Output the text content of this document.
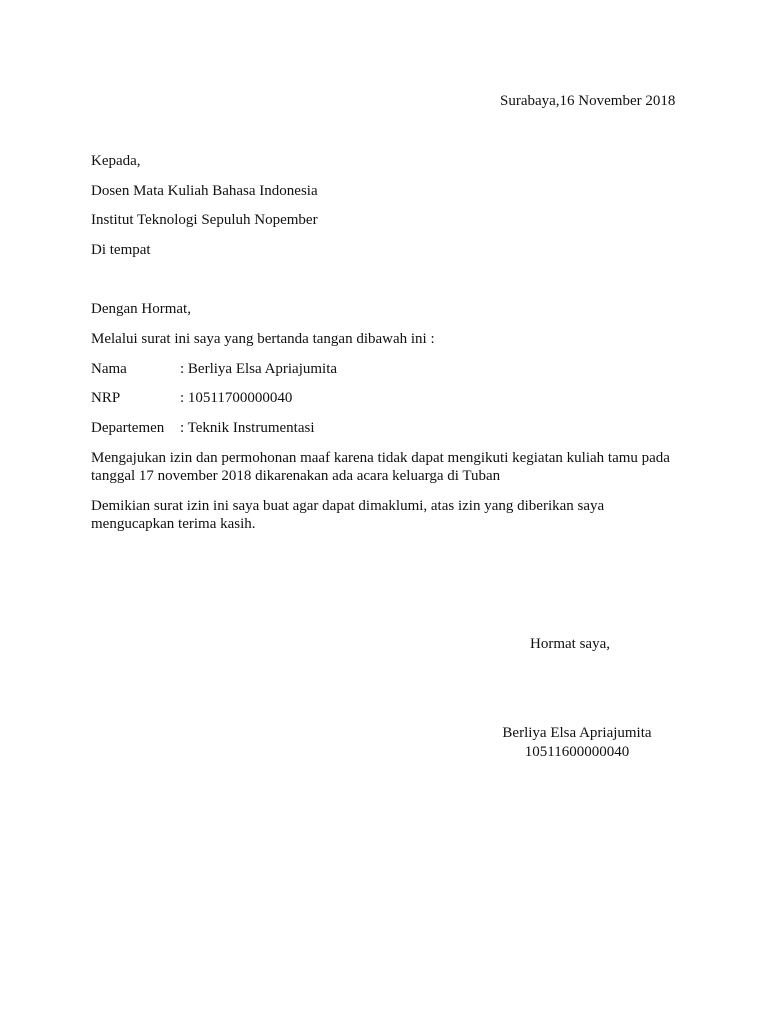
Surabaya,16 November 2018
Kepada,
Dosen Mata Kuliah Bahasa Indonesia
Institut Teknologi Sepuluh Nopember
Di tempat
Dengan Hormat,
Melalui surat ini saya yang bertanda tangan dibawah ini :
Nama	: Berliya Elsa Apriajumita
NRP	: 10511700000040
Departemen : Teknik Instrumentasi
Mengajukan izin dan permohonan maaf karena tidak dapat mengikuti kegiatan kuliah tamu pada tanggal 17 november 2018 dikarenakan ada acara keluarga di Tuban
Demikian surat izin ini saya buat agar dapat dimaklumi, atas izin yang diberikan saya mengucapkan terima kasih.
Hormat saya,
Berliya Elsa Apriajumita
10511600000040
